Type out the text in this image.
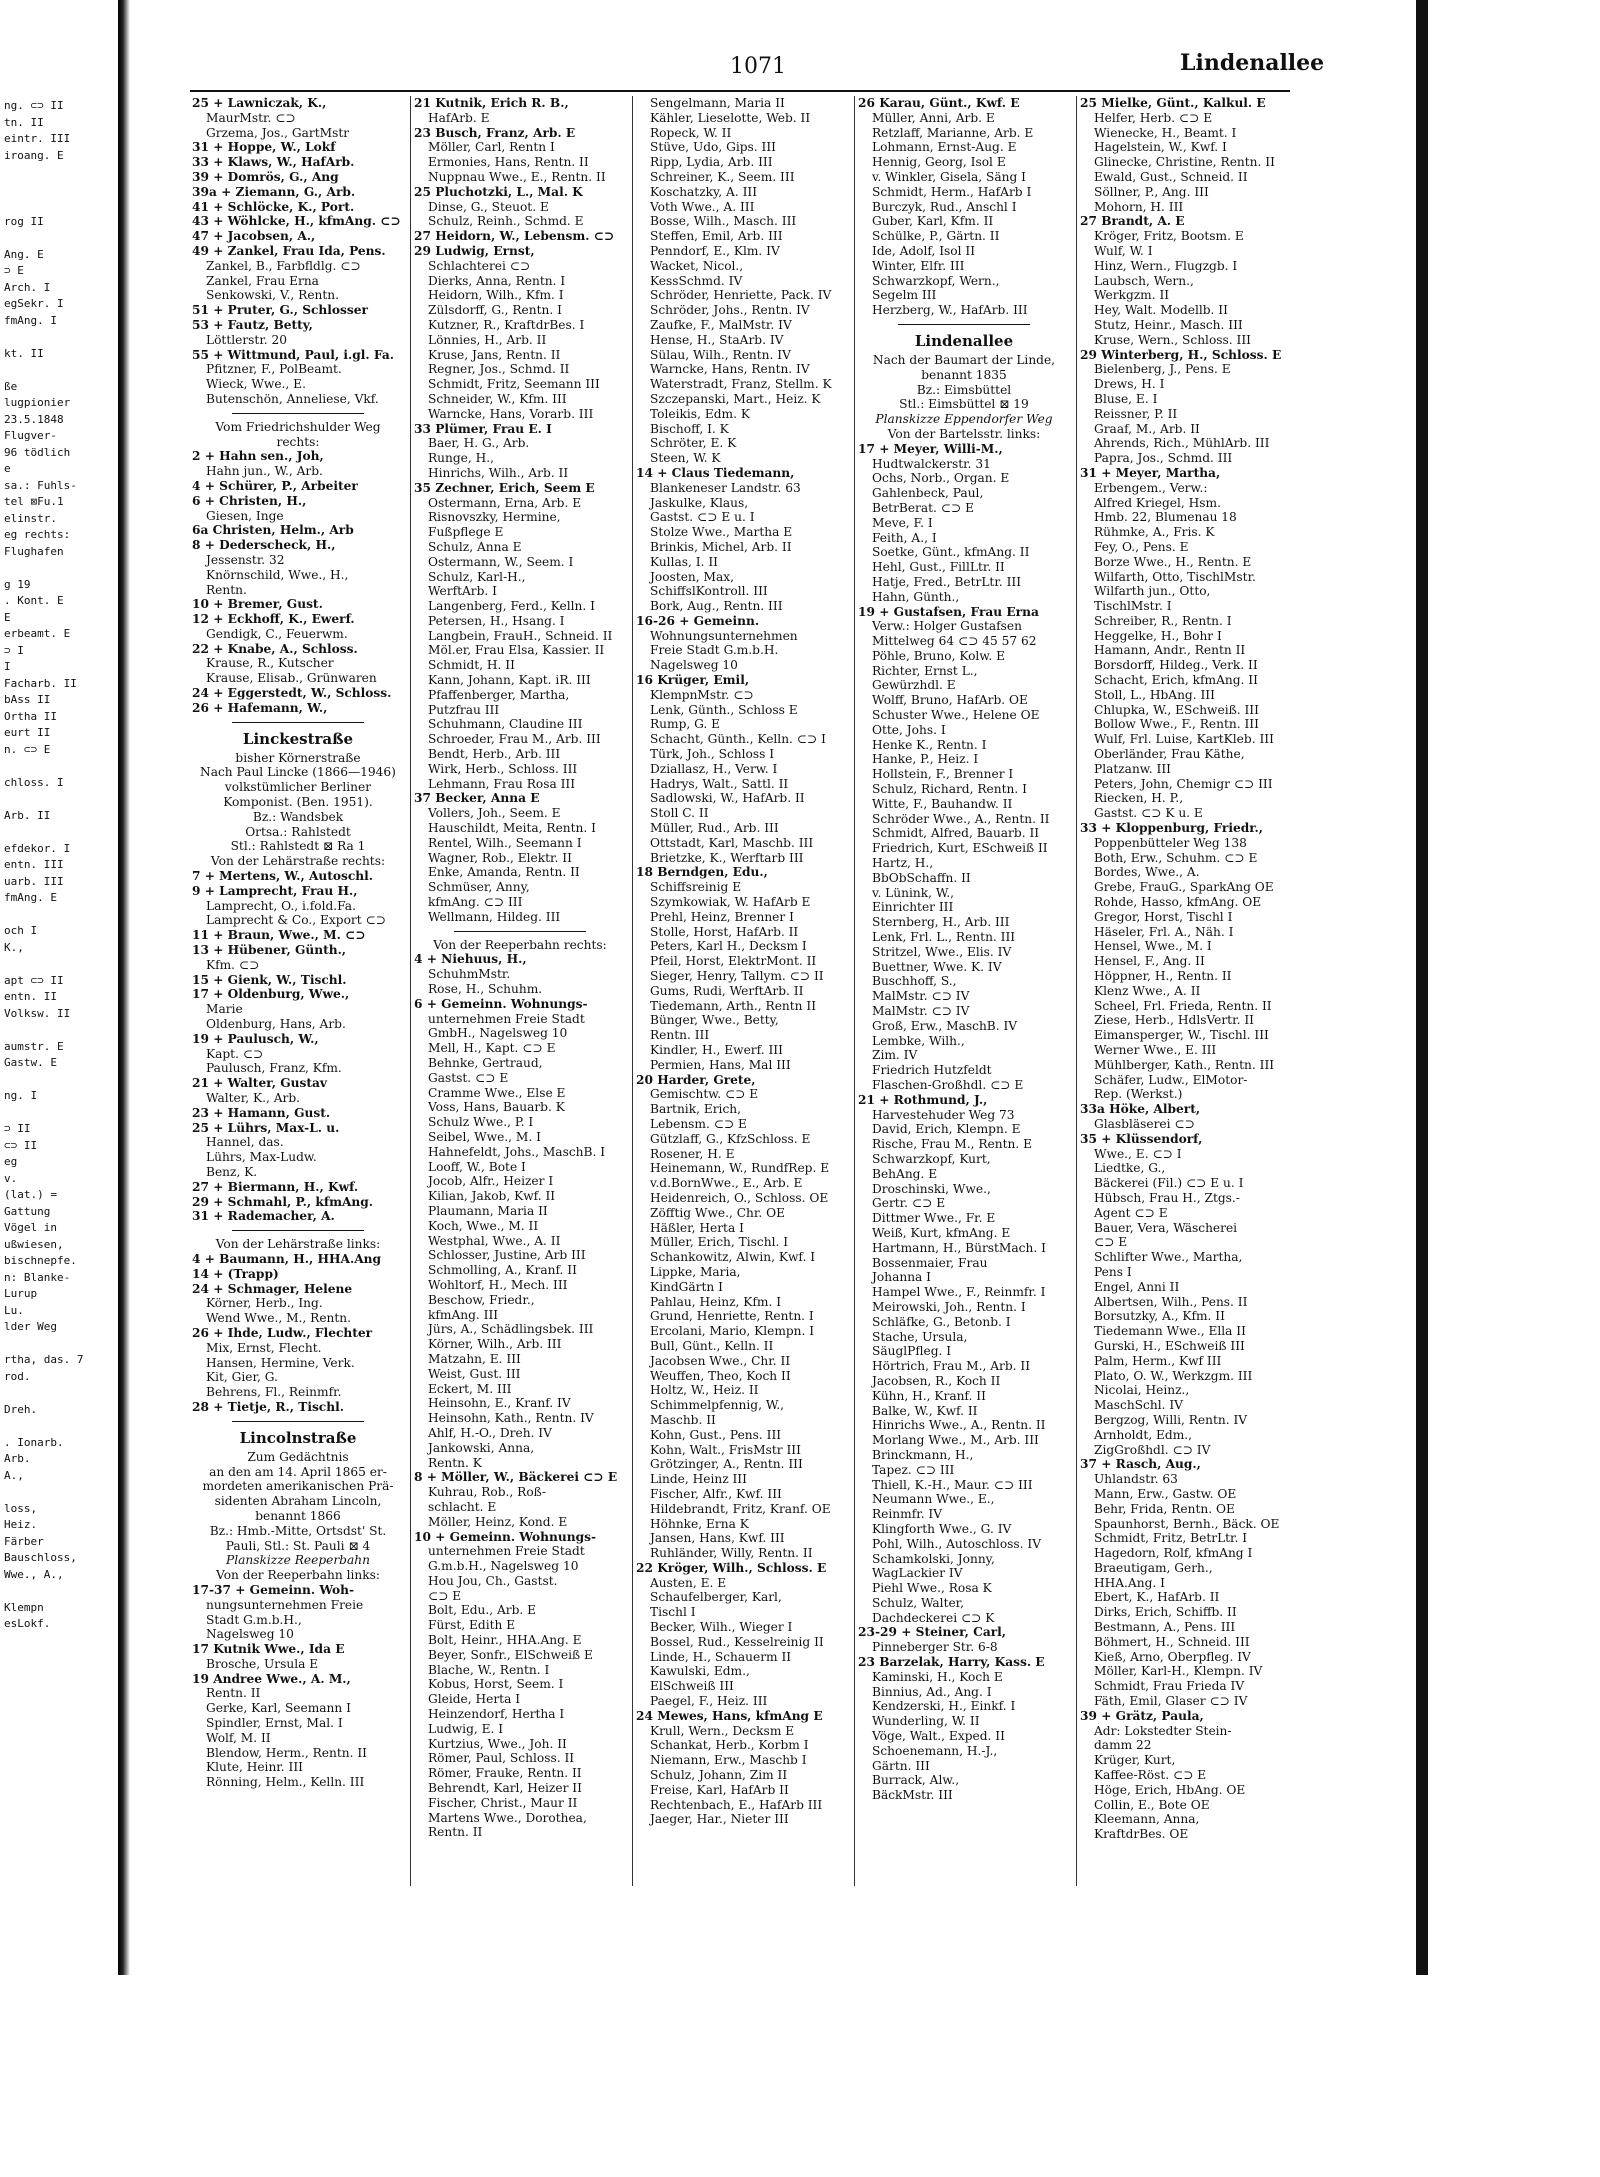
ng. ⊂⊃ II
tn. II
eintr. III
iroang. E
rog II
Ang. E
⊃ E
Arch. I
egSekr. I
fmAng. I
kt. II
ße
lugpionier
23.5.1848
Flugver-
96 tödlich
e
sa.: Fuhls-
tel ⊠Fu.1
elinstr.
eg rechts:
Flughafen
g 19
. Kont. E
E
erbeamt. E
⊃ I
I
Facharb. II
bAss II
Ortha II
eurt II
n. ⊂⊃ E
chloss. I
Arb. II
efdekor. I
entn. III
uarb. III
fmAng. E
och I
K.,
apt ⊂⊃ II
entn. II
Volksw. II
aumstr. E
Gastw. E
ng. I
⊃ II
⊂⊃ II
eg
v.
(lat.) =
Gattung
Vögel in
ußwiesen,
bischnepfe.
n: Blanke-
Lurup
Lu.
lder Weg
rtha, das. 7
rod.
Dreh.
. Ionarb.
Arb.
A.,
loss,
Heiz.
Färber
Bauschloss,
Wwe., A.,
Klempn
esLokf.
1071	Lindenallee
25 + Lawniczak, K.,
MaurMstr. ⊂⊃
Grzema, Jos., GartMstr
31 + Hoppe, W., Lokf
33 + Klaws, W., HafArb.
39 + Domrös, G., Ang
39a + Ziemann, G., Arb.
41 + Schlöcke, K., Port.
43 + Wöhlcke, H., kfmAng. ⊂⊃
47 + Jacobsen, A.,
49 + Zankel, Frau Ida, Pens.
Zankel, B., Farbfldlg. ⊂⊃
Zankel, Frau Erna
Senkowski, V., Rentn.
51 + Pruter, G., Schlosser
53 + Fautz, Betty,
Löttlerstr. 20
55 + Wittmund, Paul, i.gl. Fa.
Pfitzner, F., PolBeamt.
Wieck, Wwe., E.
Butenschön, Anneliese, Vkf.
Vom Friedrichshulder Weg
rechts:
2 + Hahn sen., Joh,
Hahn jun., W., Arb.
4 + Schürer, P., Arbeiter
6 + Christen, H.,
Giesen, Inge
6a Christen, Helm., Arb
8 + Dederscheck, H.,
Jessenstr. 32
Knörnschild, Wwe., H.,
Rentn.
10 + Bremer, Gust.
12 + Eckhoff, K., Ewerf.
Gendigk, C., Feuerwm.
22 + Knabe, A., Schloss.
Krause, R., Kutscher
Krause, Elisab., Grünwaren
24 + Eggerstedt, W., Schloss.
26 + Hafemann, W.,
Linckestraße
bisher Körnerstraße
Nach Paul Lincke (1866—1946)
volkstümlicher Berliner
Komponist. (Ben. 1951).
Bz.: Wandsbek
Ortsa.: Rahlstedt
Stl.: Rahlstedt ⊠ Ra 1
Von der Lehärstraße rechts:
7 + Mertens, W., Autoschl.
9 + Lamprecht, Frau H.,
Lamprecht, O., i.fold.Fa.
Lamprecht & Co., Export ⊂⊃
11 + Braun, Wwe., M. ⊂⊃
13 + Hübener, Günth.,
Kfm. ⊂⊃
15 + Gienk, W., Tischl.
17 + Oldenburg, Wwe.,
Marie
Oldenburg, Hans, Arb.
19 + Paulusch, W.,
Kapt. ⊂⊃
Paulusch, Franz, Kfm.
21 + Walter, Gustav
Walter, K., Arb.
23 + Hamann, Gust.
25 + Lührs, Max-L. u.
Hannel, das.
Lührs, Max-Ludw.
Benz, K.
27 + Biermann, H., Kwf.
29 + Schmahl, P., kfmAng.
31 + Rademacher, A.
Von der Lehärstraße links:
4 + Baumann, H., HHA.Ang
14 + (Trapp)
24 + Schmager, Helene
Körner, Herb., Ing.
Wend Wwe., M., Rentn.
26 + Ihde, Ludw., Flechter
Mix, Ernst, Flecht.
Hansen, Hermine, Verk.
Kit, Gier, G.
Behrens, Fl., Reinmfr.
28 + Tietje, R., Tischl.
Lincolnstraße
Zum Gedächtnis
an den am 14. April 1865 er-
mordeten amerikanischen Prä-
sidenten Abraham Lincoln,
benannt 1866
Bz.: Hmb.-Mitte, Ortsdst' St.
Pauli, Stl.: St. Pauli ⊠ 4
Planskizze Reeperbahn
Von der Reeperbahn links:
17-37 + Gemeinn. Woh-
nungsunternehmen Freie
Stadt G.m.b.H.,
Nagelsweg 10
17 Kutnik Wwe., Ida E
Brosche, Ursula E
19 Andree Wwe., A. M.,
Rentn. II
Gerke, Karl, Seemann I
Spindler, Ernst, Mal. I
Wolf, M. II
Blendow, Herm., Rentn. II
Klute, Heinr. III
Rönning, Helm., Kelln. III
21 Kutnik, Erich R. B.,
HafArb. E
23 Busch, Franz, Arb. E
Möller, Carl, Rentn I
Ermonies, Hans, Rentn. II
Nuppnau Wwe., E., Rentn. II
25 Pluchotzki, L., Mal. K
Dinse, G., Steuot. E
Schulz, Reinh., Schmd. E
27 Heidorn, W., Lebensm. ⊂⊃
29 Ludwig, Ernst,
Schlachterei ⊂⊃
Dierks, Anna, Rentn. I
Heidorn, Wilh., Kfm. I
Zülsdorff, G., Rentn. I
Kutzner, R., KraftdrBes. I
Lönnies, H., Arb. II
Kruse, Jans, Rentn. II
Regner, Jos., Schmd. II
Schmidt, Fritz, Seemann III
Schneider, W., Kfm. III
Warncke, Hans, Vorarb. III
33 Plümer, Frau E. I
Baer, H. G., Arb.
Runge, H.,
Hinrichs, Wilh., Arb. II
35 Zechner, Erich, Seem E
Ostermann, Erna, Arb. E
Risnovszky, Hermine,
Fußpflege E
Schulz, Anna E
Ostermann, W., Seem. I
Schulz, Karl-H.,
WerftArb. I
Langenberg, Ferd., Kelln. I
Petersen, H., Hsang. I
Langbein, FrauH., Schneid. II
Möl.er, Frau Elsa, Kassier. II
Schmidt, H. II
Kann, Johann, Kapt. iR. III
Pfaffenberger, Martha,
Putzfrau III
Schuhmann, Claudine III
Schroeder, Frau M., Arb. III
Bendt, Herb., Arb. III
Wirk, Herb., Schloss. III
Lehmann, Frau Rosa III
37 Becker, Anna E
Vollers, Joh., Seem. E
Hauschildt, Meita, Rentn. I
Rentel, Wilh., Seemann I
Wagner, Rob., Elektr. II
Enke, Amanda, Rentn. II
Schmüser, Anny,
kfmAng. ⊂⊃ III
Wellmann, Hildeg. III
Von der Reeperbahn rechts:
4 + Niehuus, H.,
SchuhmMstr.
Rose, H., Schuhm.
6 + Gemeinn. Wohnungs-
unternehmen Freie Stadt
GmbH., Nagelsweg 10
Mell, H., Kapt. ⊂⊃ E
Behnke, Gertraud,
Gastst. ⊂⊃ E
Cramme Wwe., Else E
Voss, Hans, Bauarb. K
Schulz Wwe., P. I
Seibel, Wwe., M. I
Hahnefeldt, Johs., MaschB. I
Looff, W., Bote I
Jocob, Alfr., Heizer I
Kilian, Jakob, Kwf. II
Plaumann, Maria II
Koch, Wwe., M. II
Westphal, Wwe., A. II
Schlosser, Justine, Arb III
Schmolling, A., Kranf. II
Wohltorf, H., Mech. III
Beschow, Friedr.,
kfmAng. III
Jürs, A., Schädlingsbek. III
Körner, Wilh., Arb. III
Matzahn, E. III
Weist, Gust. III
Eckert, M. III
Heinsohn, E., Kranf. IV
Heinsohn, Kath., Rentn. IV
Ahlf, H.-O., Dreh. IV
Jankowski, Anna,
Rentn. K
8 + Möller, W., Bäckerei ⊂⊃ E
Kuhrau, Rob., Roß-
schlacht. E
Möller, Heinz, Kond. E
10 + Gemeinn. Wohnungs-
unternehmen Freie Stadt
G.m.b.H., Nagelsweg 10
Hou Jou, Ch., Gastst.
⊂⊃ E
Bolt, Edu., Arb. E
Fürst, Edith E
Bolt, Heinr., HHA.Ang. E
Beyer, Sonfr., ElSchweiß E
Blache, W., Rentn. I
Kobus, Horst, Seem. I
Gleide, Herta I
Heinzendorf, Hertha I
Ludwig, E. I
Kurtzius, Wwe., Joh. II
Römer, Paul, Schloss. II
Römer, Frauke, Rentn. II
Behrendt, Karl, Heizer II
Fischer, Christ., Maur II
Martens Wwe., Dorothea,
Rentn. II
Sengelmann, Maria II
Kähler, Lieselotte, Web. II
Ropeck, W. II
Stüve, Udo, Gips. III
Ripp, Lydia, Arb. III
Schreiner, K., Seem. III
Koschatzky, A. III
Voth Wwe., A. III
Bosse, Wilh., Masch. III
Steffen, Emil, Arb. III
Penndorf, E., Klm. IV
Wacket, Nicol.,
KessSchmd. IV
Schröder, Henriette, Pack. IV
Schröder, Johs., Rentn. IV
Zaufke, F., MalMstr. IV
Hense, H., StaArb. IV
Sülau, Wilh., Rentn. IV
Warncke, Hans, Rentn. IV
Waterstradt, Franz, Stellm. K
Szczepanski, Mart., Heiz. K
Toleikis, Edm. K
Bischoff, I. K
Schröter, E. K
Steen, W. K
14 + Claus Tiedemann,
Blankeneser Landstr. 63
Jaskulke, Klaus,
Gastst. ⊂⊃ E u. I
Stolze Wwe., Martha E
Brinkis, Michel, Arb. II
Kullas, I. II
Joosten, Max,
SchiffslKontroll. III
Bork, Aug., Rentn. III
16-26 + Gemeinn.
Wohnungsunternehmen
Freie Stadt G.m.b.H.
Nagelsweg 10
16 Krüger, Emil,
KlempnMstr. ⊂⊃
Lenk, Günth., Schloss E
Rump, G. E
Schacht, Günth., Kelln. ⊂⊃ I
Türk, Joh., Schloss I
Dziallasz, H., Verw. I
Hadrys, Walt., Sattl. II
Sadlowski, W., HafArb. II
Stoll C. II
Müller, Rud., Arb. III
Ottstadt, Karl, Maschb. III
Brietzke, K., Werftarb III
18 Berndgen, Edu.,
Schiffsreinig E
Szymkowiak, W. HafArb E
Prehl, Heinz, Brenner I
Stolle, Horst, HafArb. II
Peters, Karl H., Decksm I
Pfeil, Horst, ElektrMont. II
Sieger, Henry, Tallym. ⊂⊃ II
Gums, Rudi, WerftArb. II
Tiedemann, Arth., Rentn II
Bünger, Wwe., Betty,
Rentn. III
Kindler, H., Ewerf. III
Permien, Hans, Mal III
20 Harder, Grete,
Gemischtw. ⊂⊃ E
Bartnik, Erich,
Lebensm. ⊂⊃ E
Gützlaff, G., KfzSchloss. E
Rosener, H. E
Heinemann, W., RundfRep. E
v.d.BornWwe., E., Arb. E
Heidenreich, O., Schloss. OE
Zöfftig Wwe., Chr. OE
Häßler, Herta I
Müller, Erich, Tischl. I
Schankowitz, Alwin, Kwf. I
Lippke, Maria,
KindGärtn I
Pahlau, Heinz, Kfm. I
Grund, Henriette, Rentn. I
Ercolani, Mario, Klempn. I
Bull, Günt., Kelln. II
Jacobsen Wwe., Chr. II
Weuffen, Theo, Koch II
Holtz, W., Heiz. II
Schimmelpfennig, W.,
Maschb. II
Kohn, Gust., Pens. III
Kohn, Walt., FrisMstr III
Grötzinger, A., Rentn. III
Linde, Heinz III
Fischer, Alfr., Kwf. III
Hildebrandt, Fritz, Kranf. OE
Höhnke, Erna K
Jansen, Hans, Kwf. III
Ruhländer, Willy, Rentn. II
22 Kröger, Wilh., Schloss. E
Austen, E. E
Schaufelberger, Karl,
Tischl I
Becker, Wilh., Wieger I
Bossel, Rud., Kesselreinig II
Linde, H., Schauerm II
Kawulski, Edm.,
ElSchweiß III
Paegel, F., Heiz. III
24 Mewes, Hans, kfmAng E
Krull, Wern., Decksm E
Schankat, Herb., Korbm I
Niemann, Erw., Maschb I
Schulz, Johann, Zim II
Freise, Karl, HafArb II
Rechtenbach, E., HafArb III
Jaeger, Har., Nieter III
26 Karau, Günt., Kwf. E
Müller, Anni, Arb. E
Retzlaff, Marianne, Arb. E
Lohmann, Ernst-Aug. E
Hennig, Georg, Isol E
v. Winkler, Gisela, Säng I
Schmidt, Herm., HafArb I
Burczyk, Rud., Anschl I
Guber, Karl, Kfm. II
Schülke, P., Gärtn. II
Ide, Adolf, Isol II
Winter, Elfr. III
Schwarzkopf, Wern.,
Segelm III
Herzberg, W., HafArb. III
Lindenallee
Nach der Baumart der Linde,
benannt 1835
Bz.: Eimsbüttel
Stl.: Eimsbüttel ⊠ 19
Planskizze Eppendorfer Weg
Von der Bartelsstr. links:
17 + Meyer, Willi-M.,
Hudtwalckerstr. 31
Ochs, Norb., Organ. E
Gahlenbeck, Paul,
BetrBerat. ⊂⊃ E
Meve, F. I
Feith, A., I
Soetke, Günt., kfmAng. II
Hehl, Gust., FillLtr. II
Hatje, Fred., BetrLtr. III
Hahn, Günth.,
19 + Gustafsen, Frau Erna
Verw.: Holger Gustafsen
Mittelweg 64 ⊂⊃ 45 57 62
Pöhle, Bruno, Kolw. E
Richter, Ernst L.,
Gewürzhdl. E
Wolff, Bruno, HafArb. OE
Schuster Wwe., Helene OE
Otte, Johs. I
Henke K., Rentn. I
Hanke, P., Heiz. I
Hollstein, F., Brenner I
Schulz, Richard, Rentn. I
Witte, F., Bauhandw. II
Schröder Wwe., A., Rentn. II
Schmidt, Alfred, Bauarb. II
Friedrich, Kurt, ESchweiß II
Hartz, H.,
BbObSchaffn. II
v. Lünink, W.,
Einrichter III
Sternberg, H., Arb. III
Lenk, Frl. L., Rentn. III
Stritzel, Wwe., Elis. IV
Buettner, Wwe. K. IV
Buschhoff, S.,
MalMstr. ⊂⊃ IV
MalMstr. ⊂⊃ IV
Groß, Erw., MaschB. IV
Lembke, Wilh.,
Zim. IV
Friedrich Hutzfeldt
Flaschen-Großhdl. ⊂⊃ E
21 + Rothmund, J.,
Harvestehuder Weg 73
David, Erich, Klempn. E
Rische, Frau M., Rentn. E
Schwarzkopf, Kurt,
BehAng. E
Droschinski, Wwe.,
Gertr. ⊂⊃ E
Dittmer Wwe., Fr. E
Weiß, Kurt, kfmAng. E
Hartmann, H., BürstMach. I
Bossenmaier, Frau
Johanna I
Hampel Wwe., F., Reinmfr. I
Meirowski, Joh., Rentn. I
Schläfke, G., Betonb. I
Stache, Ursula,
SäuglPfleg. I
Hörtrich, Frau M., Arb. II
Jacobsen, R., Koch II
Kühn, H., Kranf. II
Balke, W., Kwf. II
Hinrichs Wwe., A., Rentn. II
Morlang Wwe., M., Arb. III
Brinckmann, H.,
Tapez. ⊂⊃ III
Thiell, K.-H., Maur. ⊂⊃ III
Neumann Wwe., E.,
Reinmfr. IV
Klingforth Wwe., G. IV
Pohl, Wilh., Autoschloss. IV
Schamkolski, Jonny,
WagLackier IV
Piehl Wwe., Rosa K
Schulz, Walter,
Dachdeckerei ⊂⊃ K
23-29 + Steiner, Carl,
Pinneberger Str. 6-8
23 Barzelak, Harry, Kass. E
Kaminski, H., Koch E
Binnius, Ad., Ang. I
Kendzerski, H., Einkf. I
Wunderling, W. II
Vöge, Walt., Exped. II
Schoenemann, H.-J.,
Gärtn. III
Burrack, Alw.,
BäckMstr. III
25 Mielke, Günt., Kalkul. E
Helfer, Herb. ⊂⊃ E
Wienecke, H., Beamt. I
Hagelstein, W., Kwf. I
Glinecke, Christine, Rentn. II
Ewald, Gust., Schneid. II
Söllner, P., Ang. III
Mohorn, H. III
27 Brandt, A. E
Kröger, Fritz, Bootsm. E
Wulf, W. I
Hinz, Wern., Flugzgb. I
Laubsch, Wern.,
Werkgzm. II
Hey, Walt. Modellb. II
Stutz, Heinr., Masch. III
Kruse, Wern., Schloss. III
29 Winterberg, H., Schloss. E
Bielenberg, J., Pens. E
Drews, H. I
Bluse, E. I
Reissner, P. II
Graaf, M., Arb. II
Ahrends, Rich., MühlArb. III
Papra, Jos., Schmd. III
31 + Meyer, Martha,
Erbengem., Verw.:
Alfred Kriegel, Hsm.
Hmb. 22, Blumenau 18
Rühmke, A., Fris. K
Fey, O., Pens. E
Borze Wwe., H., Rentn. E
Wilfarth, Otto, TischlMstr.
Wilfarth jun., Otto,
TischlMstr. I
Schreiber, R., Rentn. I
Heggelke, H., Bohr I
Hamann, Andr., Rentn II
Borsdorff, Hildeg., Verk. II
Schacht, Erich, kfmAng. II
Stoll, L., HbAng. III
Chlupka, W., ESchweiß. III
Bollow Wwe., F., Rentn. III
Wulf, Frl. Luise, KartKleb. III
Oberländer, Frau Käthe,
Platzanw. III
Peters, John, Chemigr ⊂⊃ III
Riecken, H. P.,
Gastst. ⊂⊃ K u. E
33 + Kloppenburg, Friedr.,
Poppenbütteler Weg 138
Both, Erw., Schuhm. ⊂⊃ E
Bordes, Wwe., A.
Grebe, FrauG., SparkAng OE
Rohde, Hasso, kfmAng. OE
Gregor, Horst, Tischl I
Häseler, Frl. A., Näh. I
Hensel, Wwe., M. I
Hensel, F., Ang. II
Höppner, H., Rentn. II
Klenz Wwe., A. II
Scheel, Frl. Frieda, Rentn. II
Ziese, Herb., HdlsVertr. II
Eimansperger, W., Tischl. III
Werner Wwe., E. III
Mühlberger, Kath., Rentn. III
Schäfer, Ludw., ElMotor-
Rep. (Werkst.)
33a Höke, Albert,
Glasbläserei ⊂⊃
35 + Klüssendorf,
Wwe., E. ⊂⊃ I
Liedtke, G.,
Bäckerei (Fil.) ⊂⊃ E u. I
Hübsch, Frau H., Ztgs.-
Agent ⊂⊃ E
Bauer, Vera, Wäscherei
⊂⊃ E
Schlifter Wwe., Martha,
Pens I
Engel, Anni II
Albertsen, Wilh., Pens. II
Borsutzky, A., Kfm. II
Tiedemann Wwe., Ella II
Gurski, H., ESchweiß III
Palm, Herm., Kwf III
Plato, O. W., Werkzgm. III
Nicolai, Heinz.,
MaschSchl. IV
Bergzog, Willi, Rentn. IV
Arnholdt, Edm.,
ZigGroßhdl. ⊂⊃ IV
37 + Rasch, Aug.,
Uhlandstr. 63
Mann, Erw., Gastw. OE
Behr, Frida, Rentn. OE
Spaunhorst, Bernh., Bäck. OE
Schmidt, Fritz, BetrLtr. I
Hagedorn, Rolf, kfmAng I
Braeutigam, Gerh.,
HHA.Ang. I
Ebert, K., HafArb. II
Dirks, Erich, Schiffb. II
Bestmann, A., Pens. III
Böhmert, H., Schneid. III
Kieß, Arno, Oberpfleg. IV
Möller, Karl-H., Klempn. IV
Schmidt, Frau Frieda IV
Fäth, Emil, Glaser ⊂⊃ IV
39 + Grätz, Paula,
Adr: Lokstedter Stein-
damm 22
Krüger, Kurt,
Kaffee-Röst. ⊂⊃ E
Höge, Erich, HbAng. OE
Collin, E., Bote OE
Kleemann, Anna,
KraftdrBes. OE
